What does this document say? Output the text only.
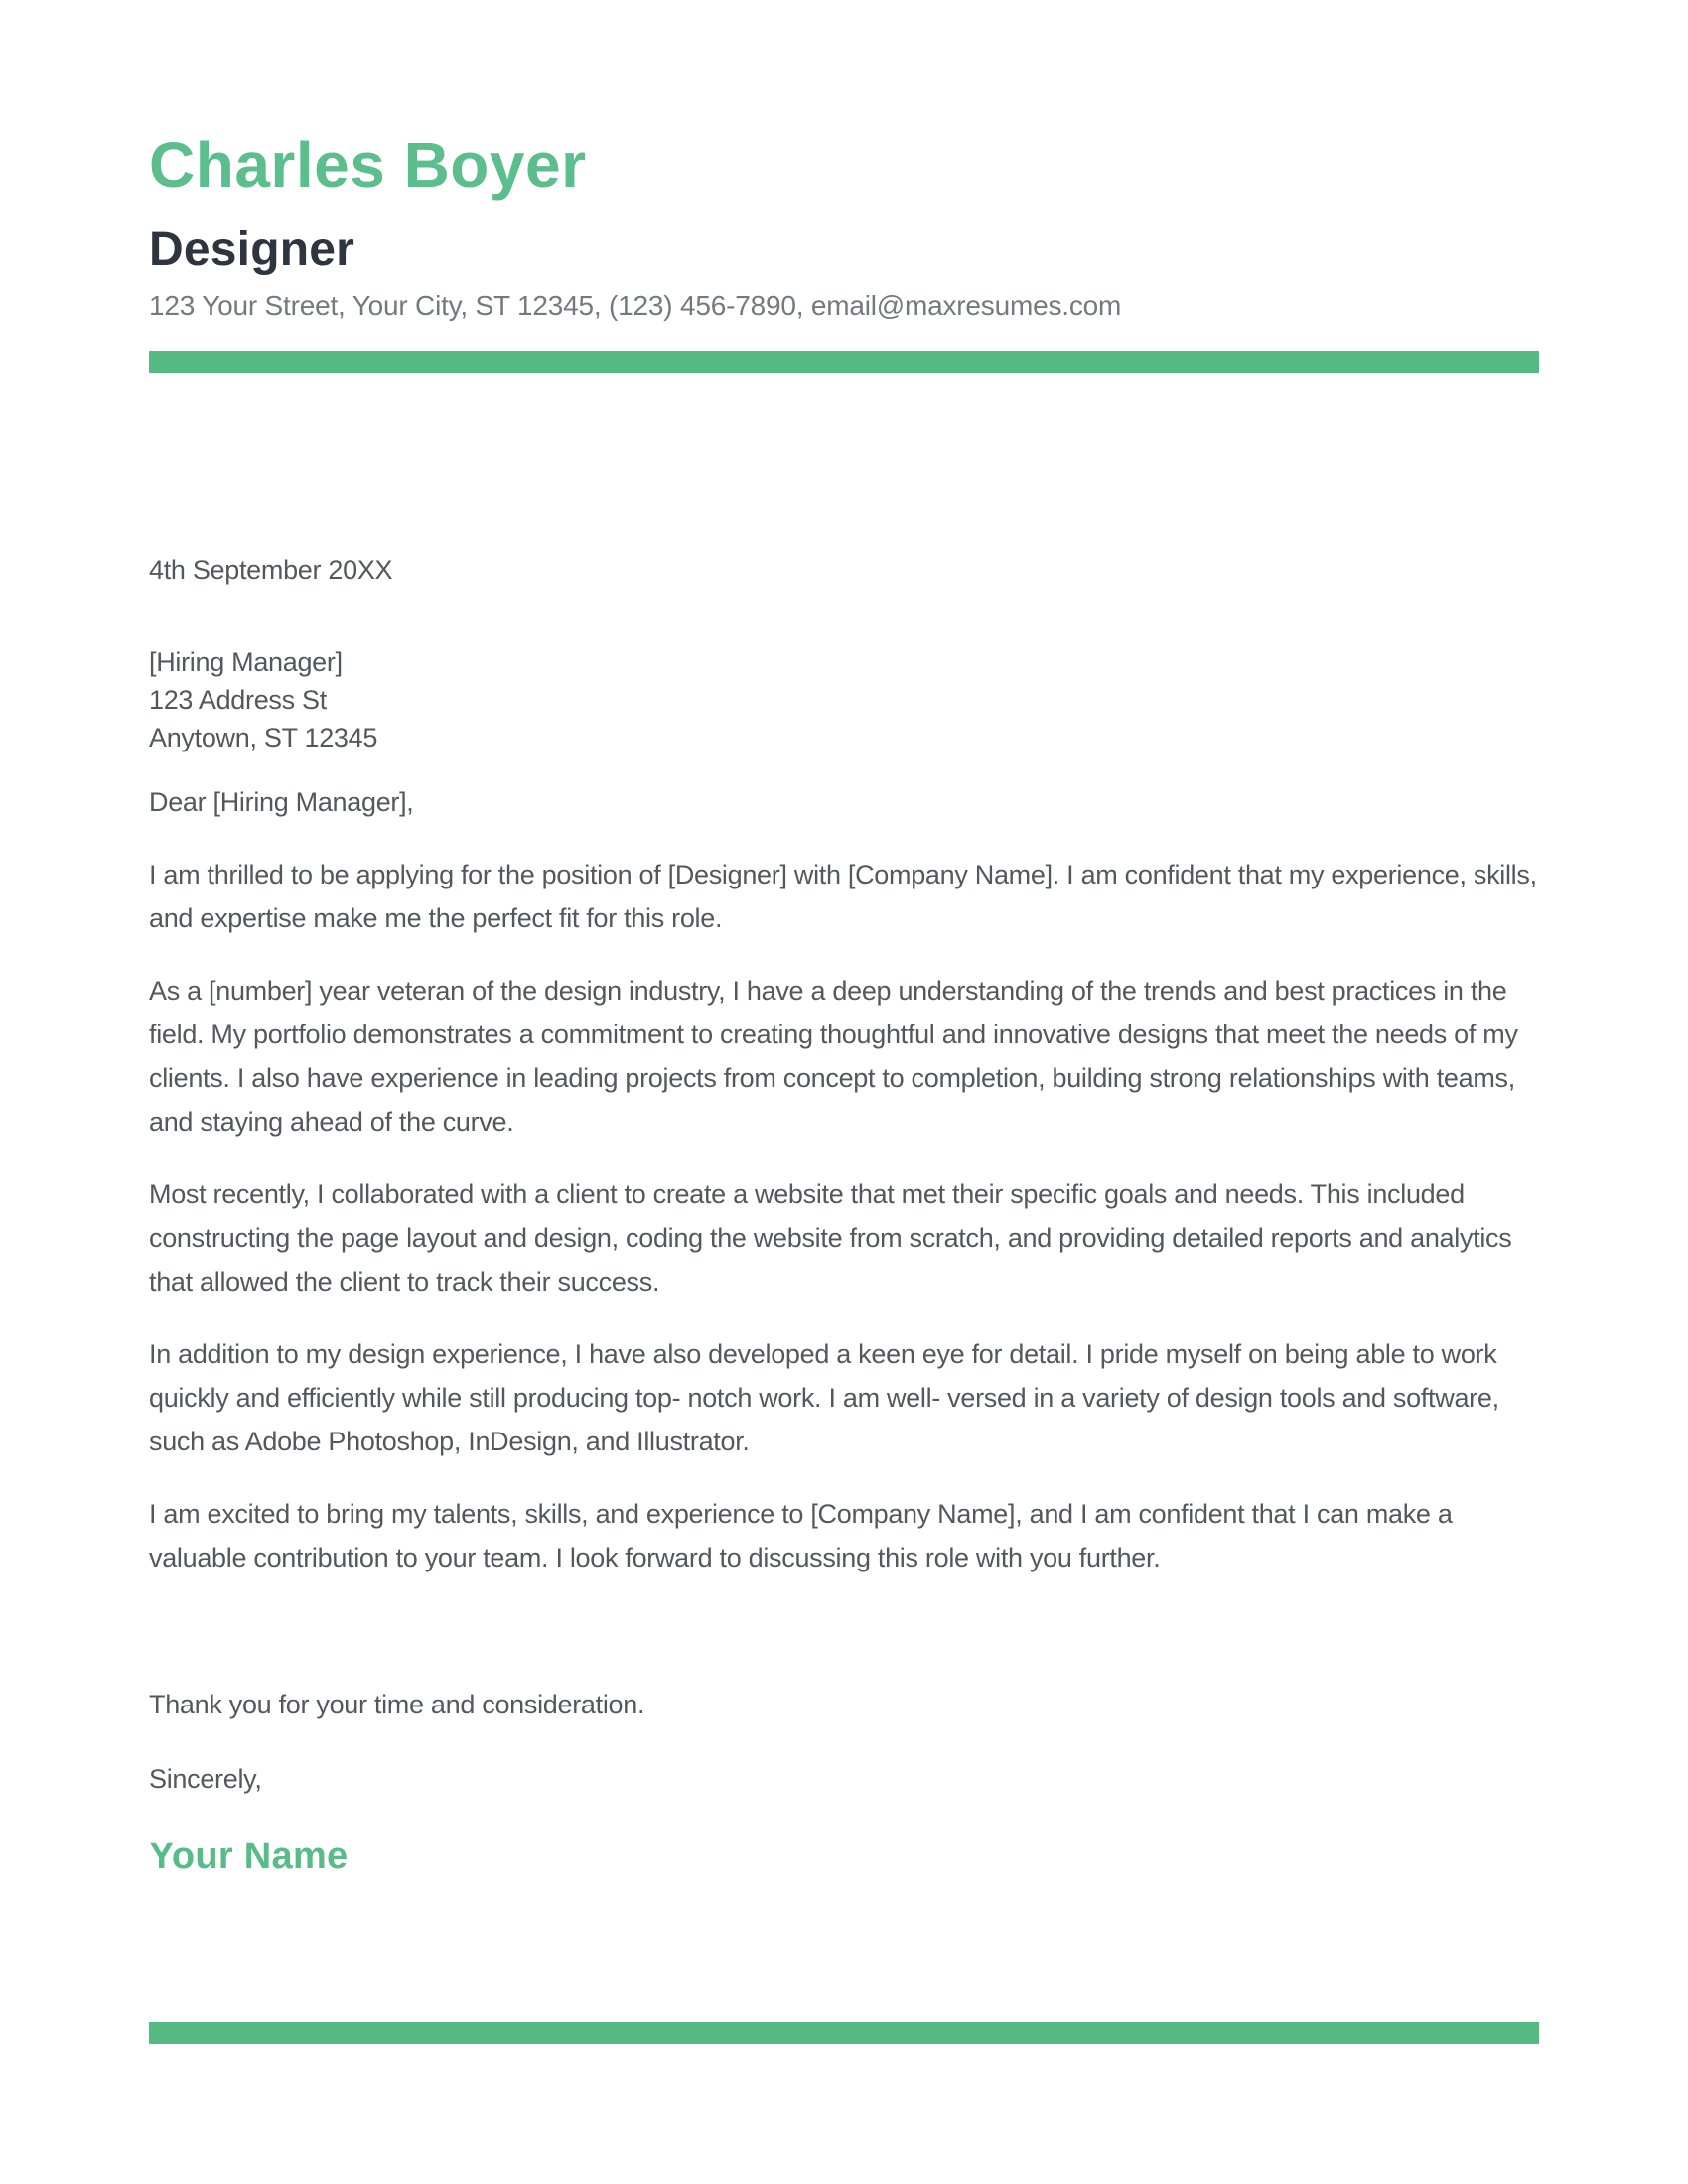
Charles Boyer
Designer
123 Your Street, Your City, ST 12345, (123) 456-7890, email@maxresumes.com
4th September 20XX
[Hiring Manager]
123 Address St
Anytown, ST 12345
Dear [Hiring Manager],
I am thrilled to be applying for the position of [Designer] with [Company Name]. I am confident that my experience, skills, and expertise make me the perfect fit for this role.
As a [number] year veteran of the design industry, I have a deep understanding of the trends and best practices in the field. My portfolio demonstrates a commitment to creating thoughtful and innovative designs that meet the needs of my clients. I also have experience in leading projects from concept to completion, building strong relationships with teams, and staying ahead of the curve.
Most recently, I collaborated with a client to create a website that met their specific goals and needs. This included constructing the page layout and design, coding the website from scratch, and providing detailed reports and analytics that allowed the client to track their success.
In addition to my design experience, I have also developed a keen eye for detail. I pride myself on being able to work quickly and efficiently while still producing top- notch work. I am well- versed in a variety of design tools and software, such as Adobe Photoshop, InDesign, and Illustrator.
I am excited to bring my talents, skills, and experience to [Company Name], and I am confident that I can make a valuable contribution to your team. I look forward to discussing this role with you further.
Thank you for your time and consideration.
Sincerely,
Your Name
